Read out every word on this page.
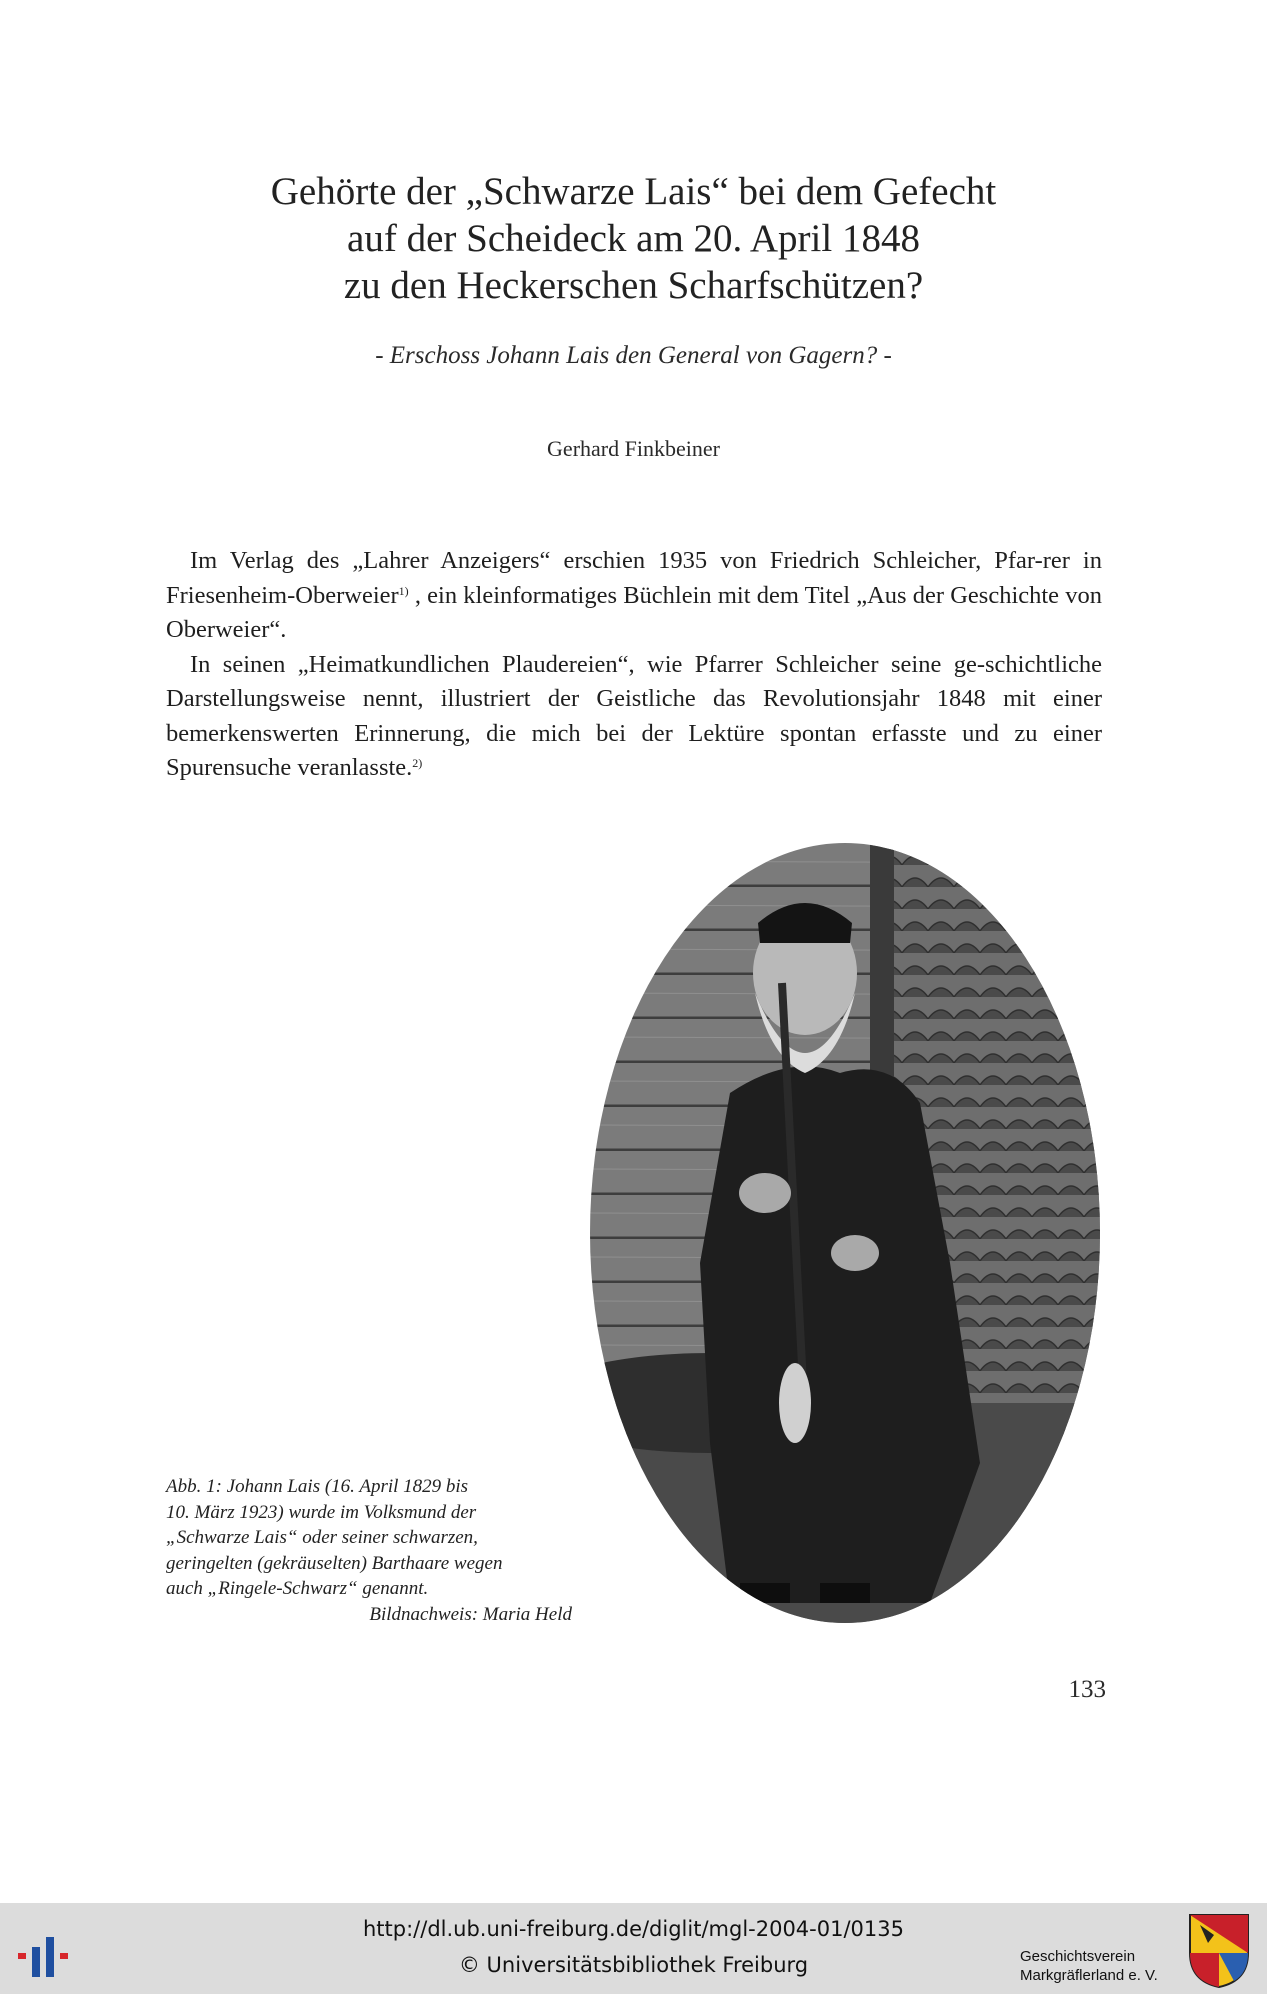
Gehörte der „Schwarze Lais“ bei dem Gefecht
auf der Scheideck am 20. April 1848
zu den Heckerschen Scharfschützen?
- Erschoss Johann Lais den General von Gagern? -
Gerhard Finkbeiner

Im Verlag des „Lahrer Anzeigers“ erschien 1935 von Friedrich Schleicher, Pfar-rer in Friesenheim-Oberweier$^{1)}$ , ein kleinformatiges Büchlein mit dem Titel „Aus der Geschichte von Oberweier“.

In seinen „Heimatkundlichen Plaudereien“, wie Pfarrer Schleicher seine ge-schichtliche Darstellungsweise nennt, illustriert der Geistliche das Revolutionsjahr 1848 mit einer bemerkenswerten Erinnerung, die mich bei der Lektüre spontan erfasste und zu einer Spurensuche veranlasste.$^{2)}$

Abb. 1: Johann Lais (16. April 1829 bis
10. März 1923) wurde im Volksmund der
„Schwarze Lais“ oder seiner schwarzen,
geringelten (gekräuselten) Barthaare wegen
auch „Ringele-Schwarz“ genannt.
Bildnachweis: Maria Held
133
http://dl.ub.uni-freiburg.de/diglit/mgl-2004-01/0135
© Universitätsbibliothek Freiburg	Geschichtsverein
Markgräflerland e. V.
